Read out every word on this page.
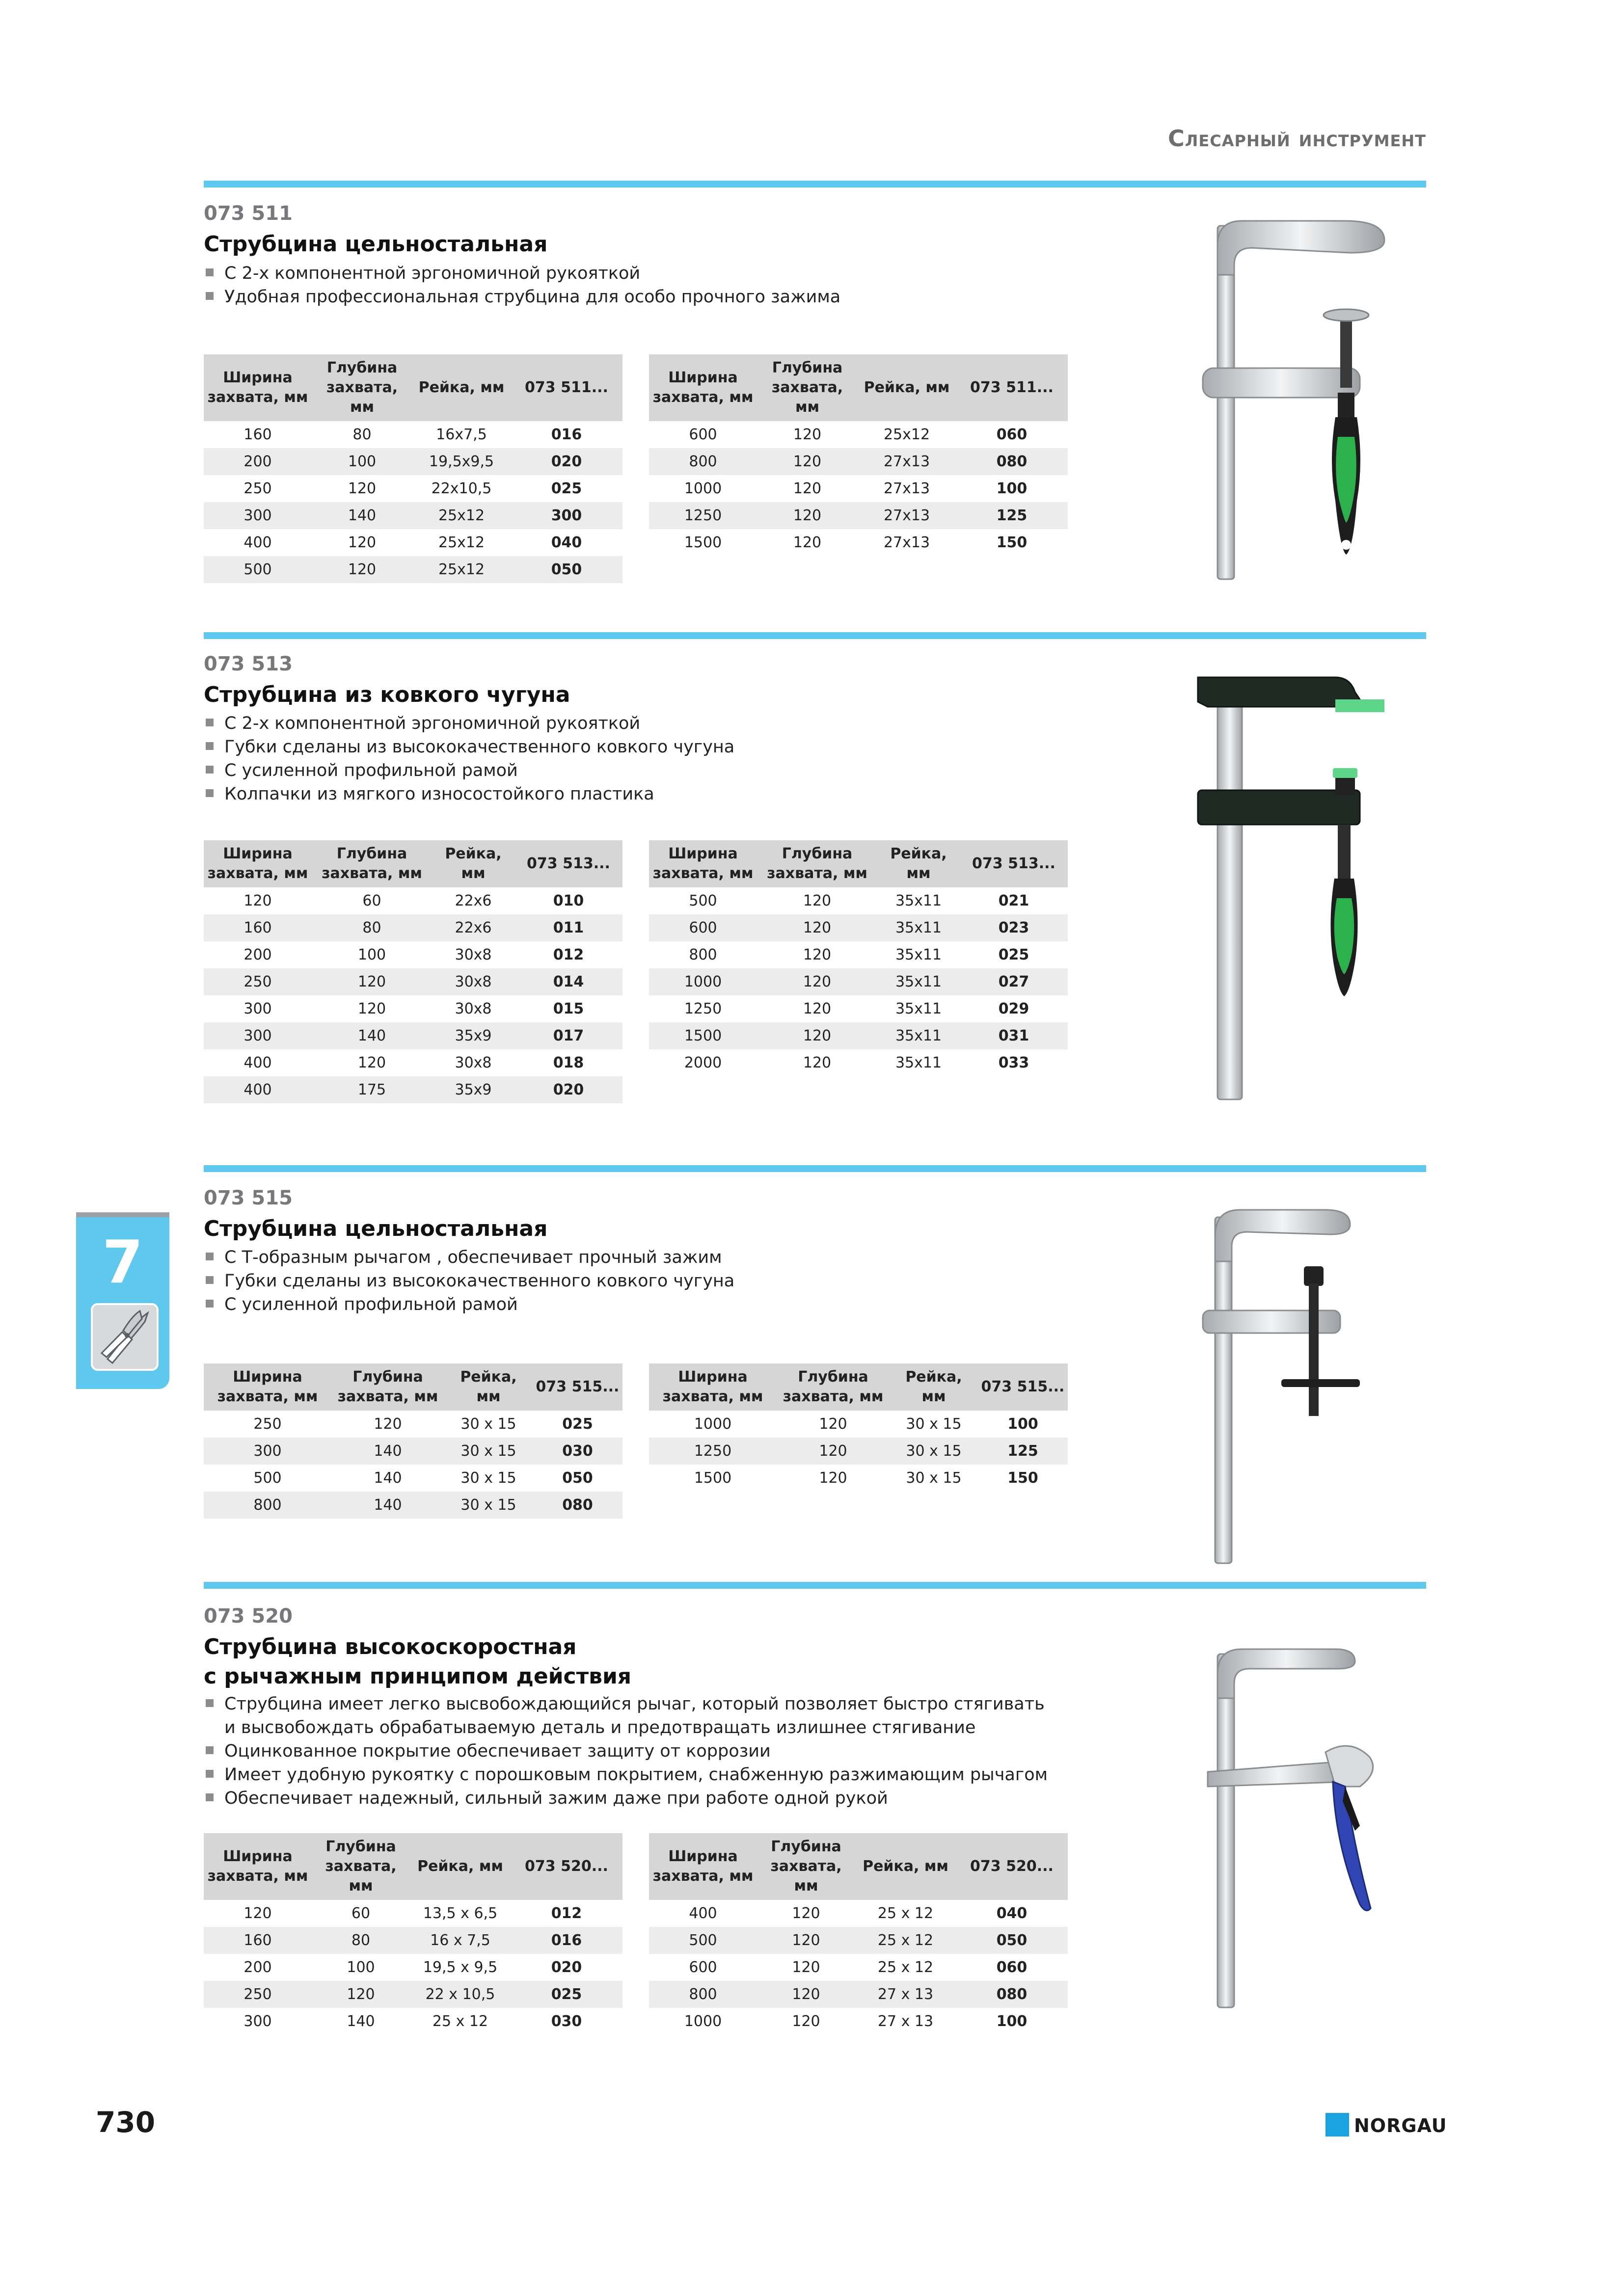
Слесарный инструмент
073 511
Струбцина цельностальная
С 2-х компонентной эргономичной рукояткой
Удобная профессиональная струбцина для особо прочного зажима
Ширина захвата, мм	Глубина захвата, мм	Рейка, мм	073 511...
160	80	16x7,5	016
200	100	19,5x9,5	020
250	120	22x10,5	025
300	140	25x12	300
400	120	25x12	040
500	120	25x12	050
Ширина захвата, мм	Глубина захвата, мм	Рейка, мм	073 511...
600	120	25x12	060
800	120	27x13	080
1000	120	27x13	100
1250	120	27x13	125
1500	120	27x13	150
073 513
Струбцина из ковкого чугуна
С 2-х компонентной эргономичной рукояткой
Губки сделаны из высококачественного ковкого чугуна
С усиленной профильной рамой
Колпачки из мягкого износостойкого пластика
Ширина захвата, мм	Глубина захвата, мм	Рейка, мм	073 513...
120	60	22x6	010
160	80	22x6	011
200	100	30x8	012
250	120	30x8	014
300	120	30x8	015
300	140	35x9	017
400	120	30x8	018
400	175	35x9	020
Ширина захвата, мм	Глубина захвата, мм	Рейка, мм	073 513...
500	120	35x11	021
600	120	35x11	023
800	120	35x11	025
1000	120	35x11	027
1250	120	35x11	029
1500	120	35x11	031
2000	120	35x11	033
073 515
Струбцина цельностальная
С Т-образным рычагом , обеспечивает прочный зажим
Губки сделаны из высококачественного ковкого чугуна
С усиленной профильной рамой
Ширина захвата, мм	Глубина захвата, мм	Рейка, мм	073 515...
250	120	30 x 15	025
300	140	30 x 15	030
500	140	30 x 15	050
800	140	30 x 15	080
Ширина захвата, мм	Глубина захвата, мм	Рейка, мм	073 515...
1000	120	30 x 15	100
1250	120	30 x 15	125
1500	120	30 x 15	150
073 520
Струбцина высокоскоростная
с рычажным принципом действия
Струбцина имеет легко высвобождающийся рычаг, который позволяет быстро стягивать
и высвобождать обрабатываемую деталь и предотвращать излишнее стягивание
Оцинкованное покрытие обеспечивает защиту от коррозии
Имеет удобную рукоятку с порошковым покрытием, снабженную разжимающим рычагом
Обеспечивает надежный, сильный зажим даже при работе одной рукой
Ширина захвата, мм	Глубина захвата, мм	Рейка, мм	073 520...
120	60	13,5 x 6,5	012
160	80	16 x 7,5	016
200	100	19,5 x 9,5	020
250	120	22 x 10,5	025
300	140	25 x 12	030
Ширина захвата, мм	Глубина захвата, мм	Рейка, мм	073 520...
400	120	25 x 12	040
500	120	25 x 12	050
600	120	25 x 12	060
800	120	27 x 13	080
1000	120	27 x 13	100
7
730	NORGAU
